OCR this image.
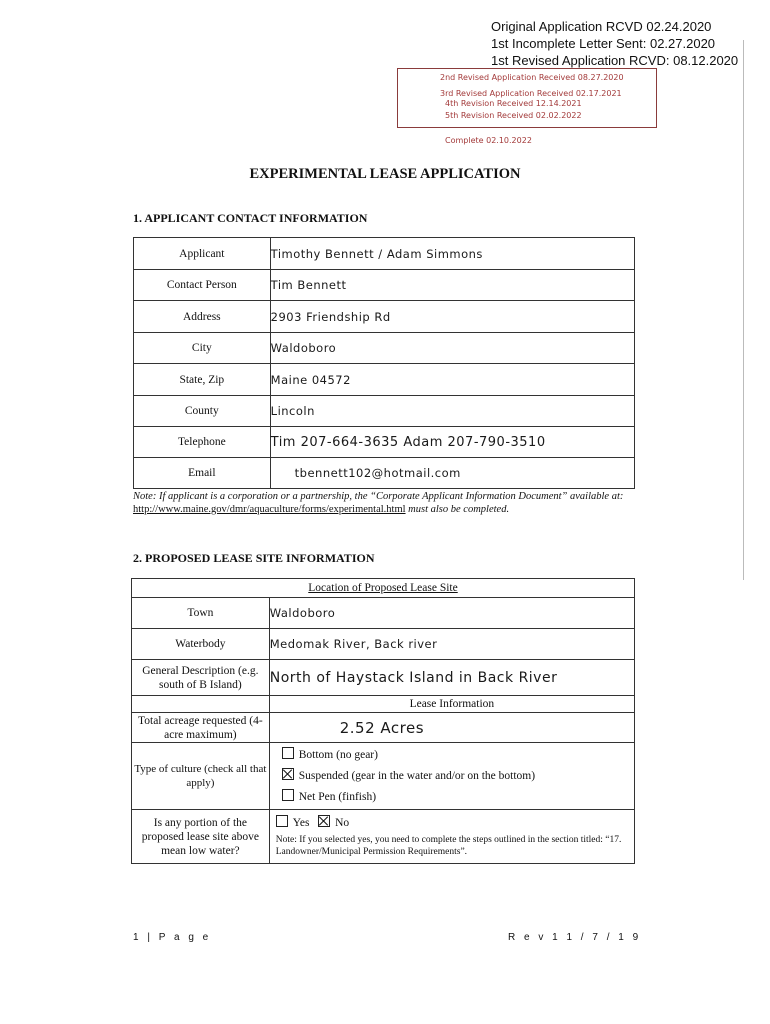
Original Application RCVD 02.24.2020
1st Incomplete Letter Sent: 02.27.2020
1st Revised Application RCVD: 08.12.2020
2nd Revised Application Received 08.27.2020
3rd Revised Application Received 02.17.2021
4th Revision Received 12.14.2021
5th Revision Received 02.02.2022
Complete 02.10.2022
EXPERIMENTAL LEASE APPLICATION
1. APPLICANT CONTACT INFORMATION
Applicant	Timothy Bennett / Adam Simmons
Contact Person	Tim Bennett
Address	2903 Friendship Rd
City	Waldoboro
State, Zip	Maine 04572
County	Lincoln
Telephone	Tim 207-664-3635 Adam 207-790-3510
Email	tbennett102@hotmail.com
Note: If applicant is a corporation or a partnership, the “Corporate Applicant Information Document” available at: http://www.maine.gov/dmr/aquaculture/forms/experimental.html must also be completed.
2. PROPOSED LEASE SITE INFORMATION
Location of Proposed Lease Site	
Town	Waldoboro
Waterbody	Medomak River, Back river
General Description (e.g. south of B Island)	North of Haystack Island in Back River
	Lease Information
Total acreage requested (4-acre maximum)	2.52 Acres
Type of culture (check all that apply)	Bottom (no gear)
Suspended (gear in the water and/or on the bottom)
Net Pen (finfish)

Is any portion of the proposed lease site above mean low water?	Yes No
Note: If you selected yes, you need to complete the steps outlined in the section titled: “17. Landowner/Municipal Permission Requirements”.
1 | P a g e	R e v 1 1 / 7 / 1 9
